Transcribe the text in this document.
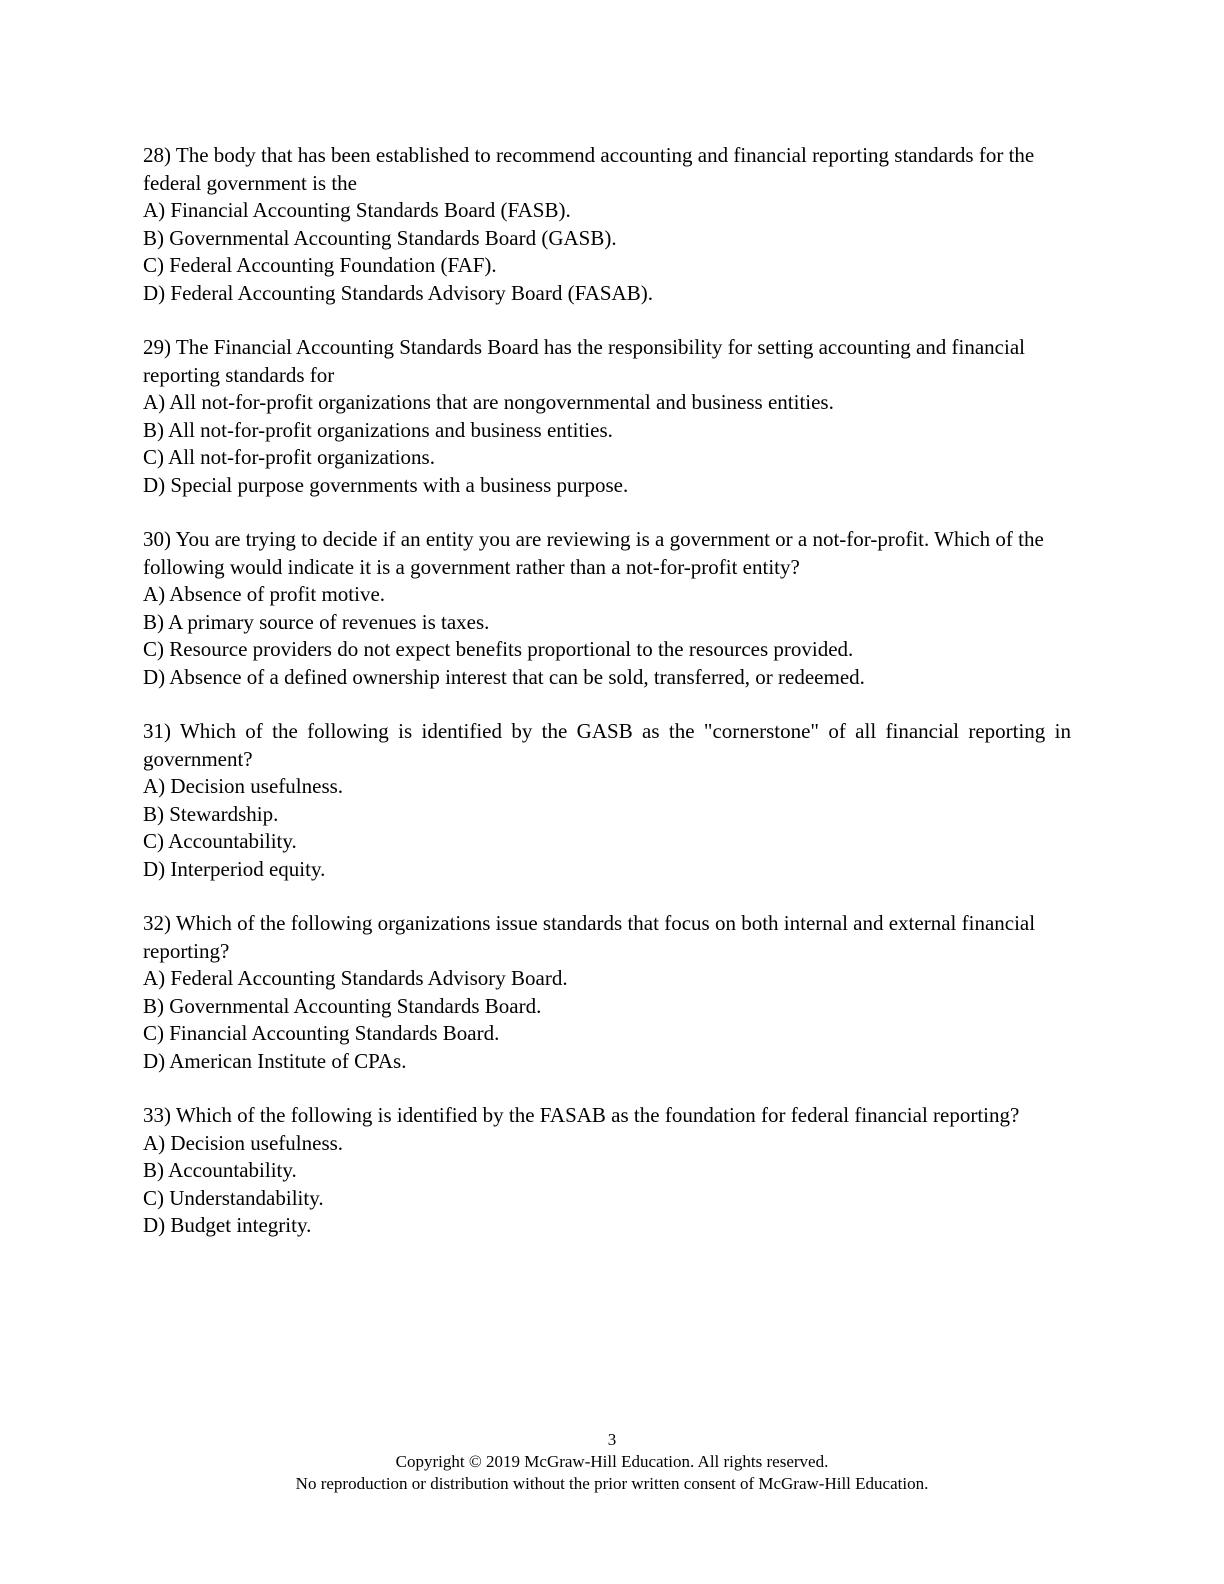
28) The body that has been established to recommend accounting and financial reporting standards for the federal government is the

A) Financial Accounting Standards Board (FASB).
B) Governmental Accounting Standards Board (GASB).
C) Federal Accounting Foundation (FAF).
D) Federal Accounting Standards Advisory Board (FASAB).

29) The Financial Accounting Standards Board has the responsibility for setting accounting and financial reporting standards for

A) All not-for-profit organizations that are nongovernmental and business entities.
B) All not-for-profit organizations and business entities.
C) All not-for-profit organizations.
D) Special purpose governments with a business purpose.

30) You are trying to decide if an entity you are reviewing is a government or a not-for-profit. Which of the following would indicate it is a government rather than a not-for-profit entity?

A) Absence of profit motive.
B) A primary source of revenues is taxes.
C) Resource providers do not expect benefits proportional to the resources provided.
D) Absence of a defined ownership interest that can be sold, transferred, or redeemed.

31) Which of the following is identified by the GASB as the "cornerstone" of all financial reporting in government?

A) Decision usefulness.
B) Stewardship.
C) Accountability.
D) Interperiod equity.

32) Which of the following organizations issue standards that focus on both internal and external financial reporting?

A) Federal Accounting Standards Advisory Board.
B) Governmental Accounting Standards Board.
C) Financial Accounting Standards Board.
D) American Institute of CPAs.

33) Which of the following is identified by the FASAB as the foundation for federal financial reporting?

A) Decision usefulness.
B) Accountability.
C) Understandability.
D) Budget integrity.
3
Copyright © 2019 McGraw-Hill Education. All rights reserved.
No reproduction or distribution without the prior written consent of McGraw-Hill Education.
